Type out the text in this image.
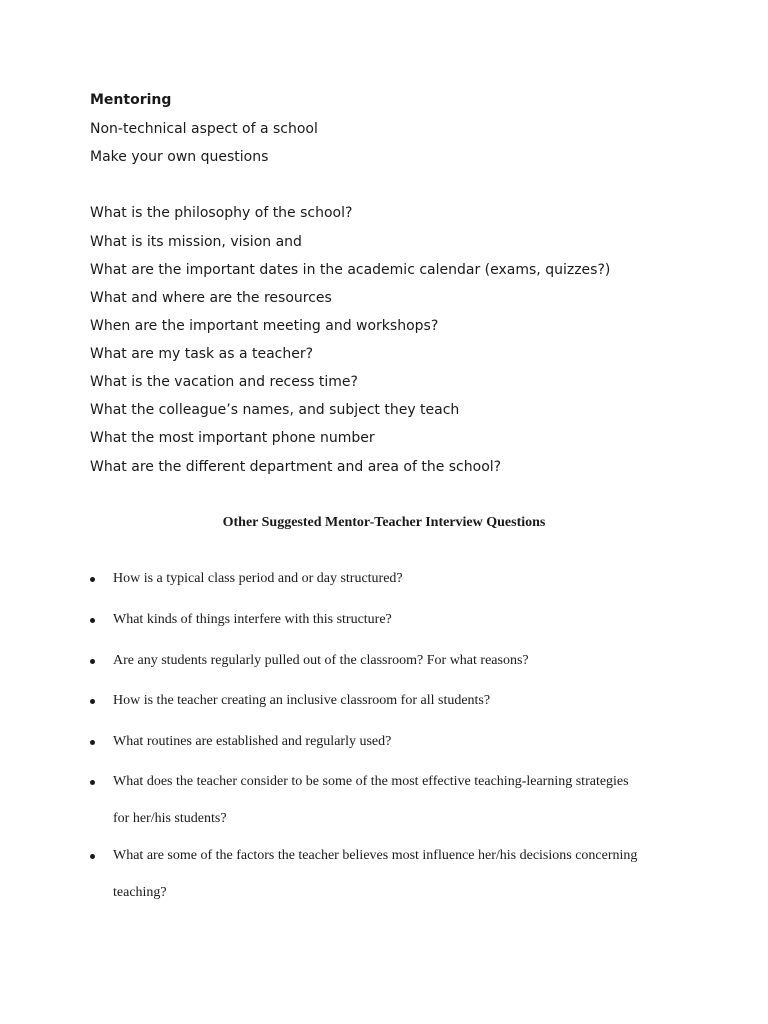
Mentoring
Non-technical aspect of a school
Make your own questions
What is the philosophy of the school?
What is its mission, vision and
What are the important dates in the academic calendar (exams, quizzes?)
What and where are the resources
When are the important meeting and workshops?
What are my task as a teacher?
What is the vacation and recess time?
What the colleague’s names, and subject they teach
What the most important phone number
What are the different department and area of the school?
Other Suggested Mentor-Teacher Interview Questions
How is a typical class period and or day structured?
What kinds of things interfere with this structure?
Are any students regularly pulled out of the classroom? For what reasons?
How is the teacher creating an inclusive classroom for all students?
What routines are established and regularly used?
What does the teacher consider to be some of the most effective teaching-learning strategies
for her/his students?
What are some of the factors the teacher believes most influence her/his decisions concerning
teaching?
